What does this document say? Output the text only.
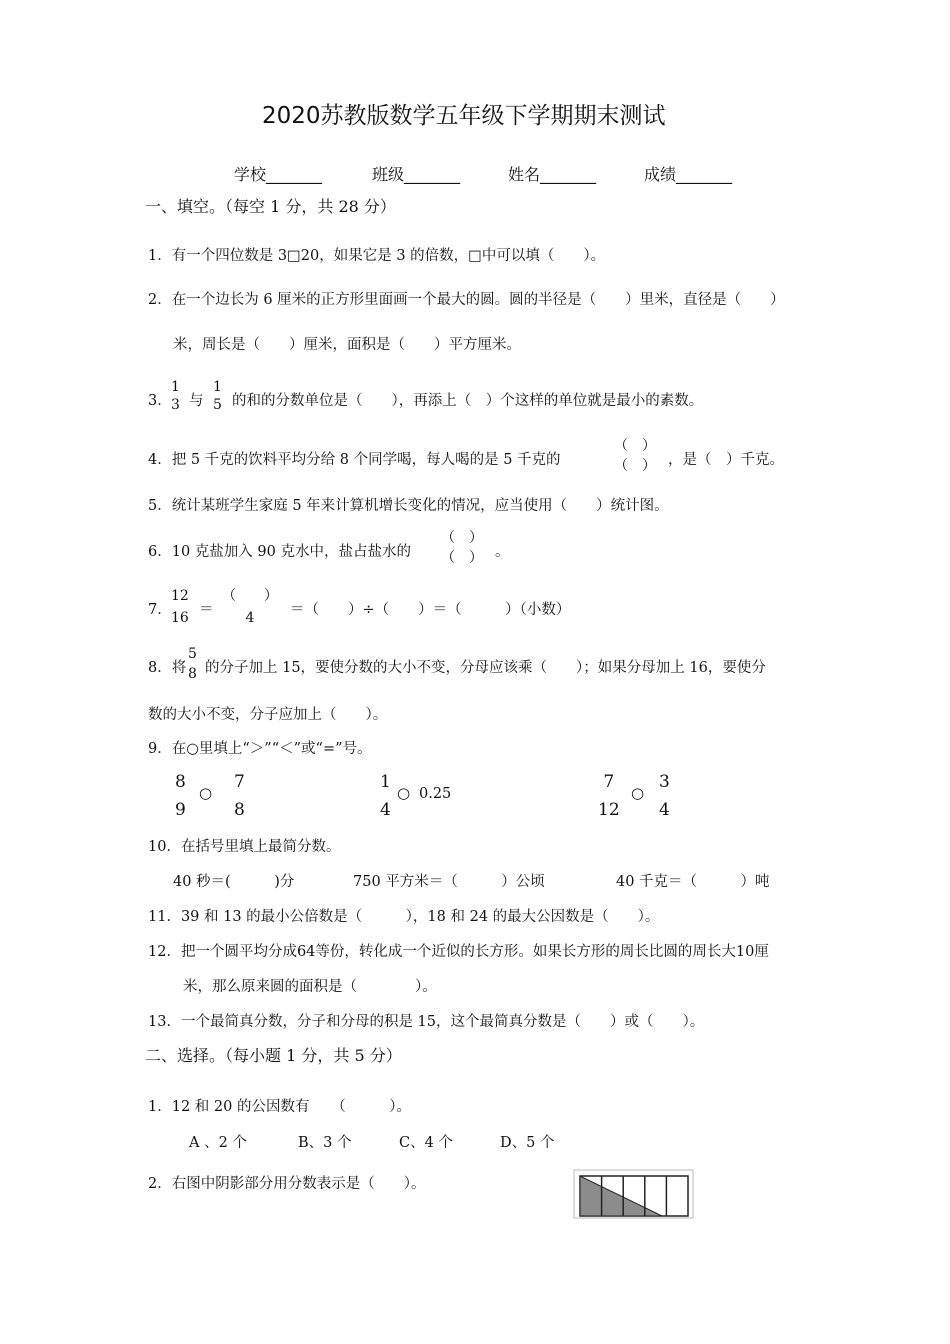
2020苏教版数学五年级下学期期末测试
学校_______	班级_______	姓名_______	成绩_______
一、填空。（每空 1 分，共 28 分）
1．有一个四位数是 3□20，如果它是 3 的倍数，□中可以填（　　）。
2．在一个边长为 6 厘米的正方形里面画一个最大的圆。圆的半径是（　　）里米，直径是（　　）
米，周长是（　　）厘米，面积是（　　）平方厘米。
3．
1
3 与
1
5 的和的分数单位是（　　），再添上（　）个这样的单位就是最小的素数。
4．把 5 千克的饮料平均分给 8 个同学喝，每人喝的是 5 千克的
（　）
（　） ，是（　）千克。
5．统计某班学生家庭 5 年来计算机增长变化的情况，应当使用（　　）统计图。
6．10 克盐加入 90 克水中，盐占盐水的
（　）
（　） 。
7．
12
16 ＝
（　　）
4 ＝（　　）÷（　　）＝（　　　）（小数）
8．将
5
8 的分子加上 15，要使分数的大小不变，分母应该乘（　　）；如果分母加上 16，要使分
数的大小不变，分子应加上（　　）。
9．在○里填上“＞”“＜”或“=”号。
8
9
○
7
8
1
4
○ 0.25
7
12
○
3
4
10．在括号里填上最简分数。
40 秒＝(　　　)分	750 平方米＝（　　　）公顷	40 千克＝（　　　）吨
11．39 和 13 的最小公倍数是（　　　），18 和 24 的最大公因数是（　　）。
12．把一个圆平均分成64等份，转化成一个近似的长方形。如果长方形的周长比圆的周长大10厘
米，那么原来圆的面积是（　　　　）。
13．一个最简真分数，分子和分母的积是 15，这个最简真分数是（　　）或（　　）。
二、选择。（每小题 1 分，共 5 分）
1．12 和 20 的公因数有　　（　　　）。
A 、2 个	B、3 个	C、4 个	D、5 个
2．右图中阴影部分用分数表示是（　　）。
